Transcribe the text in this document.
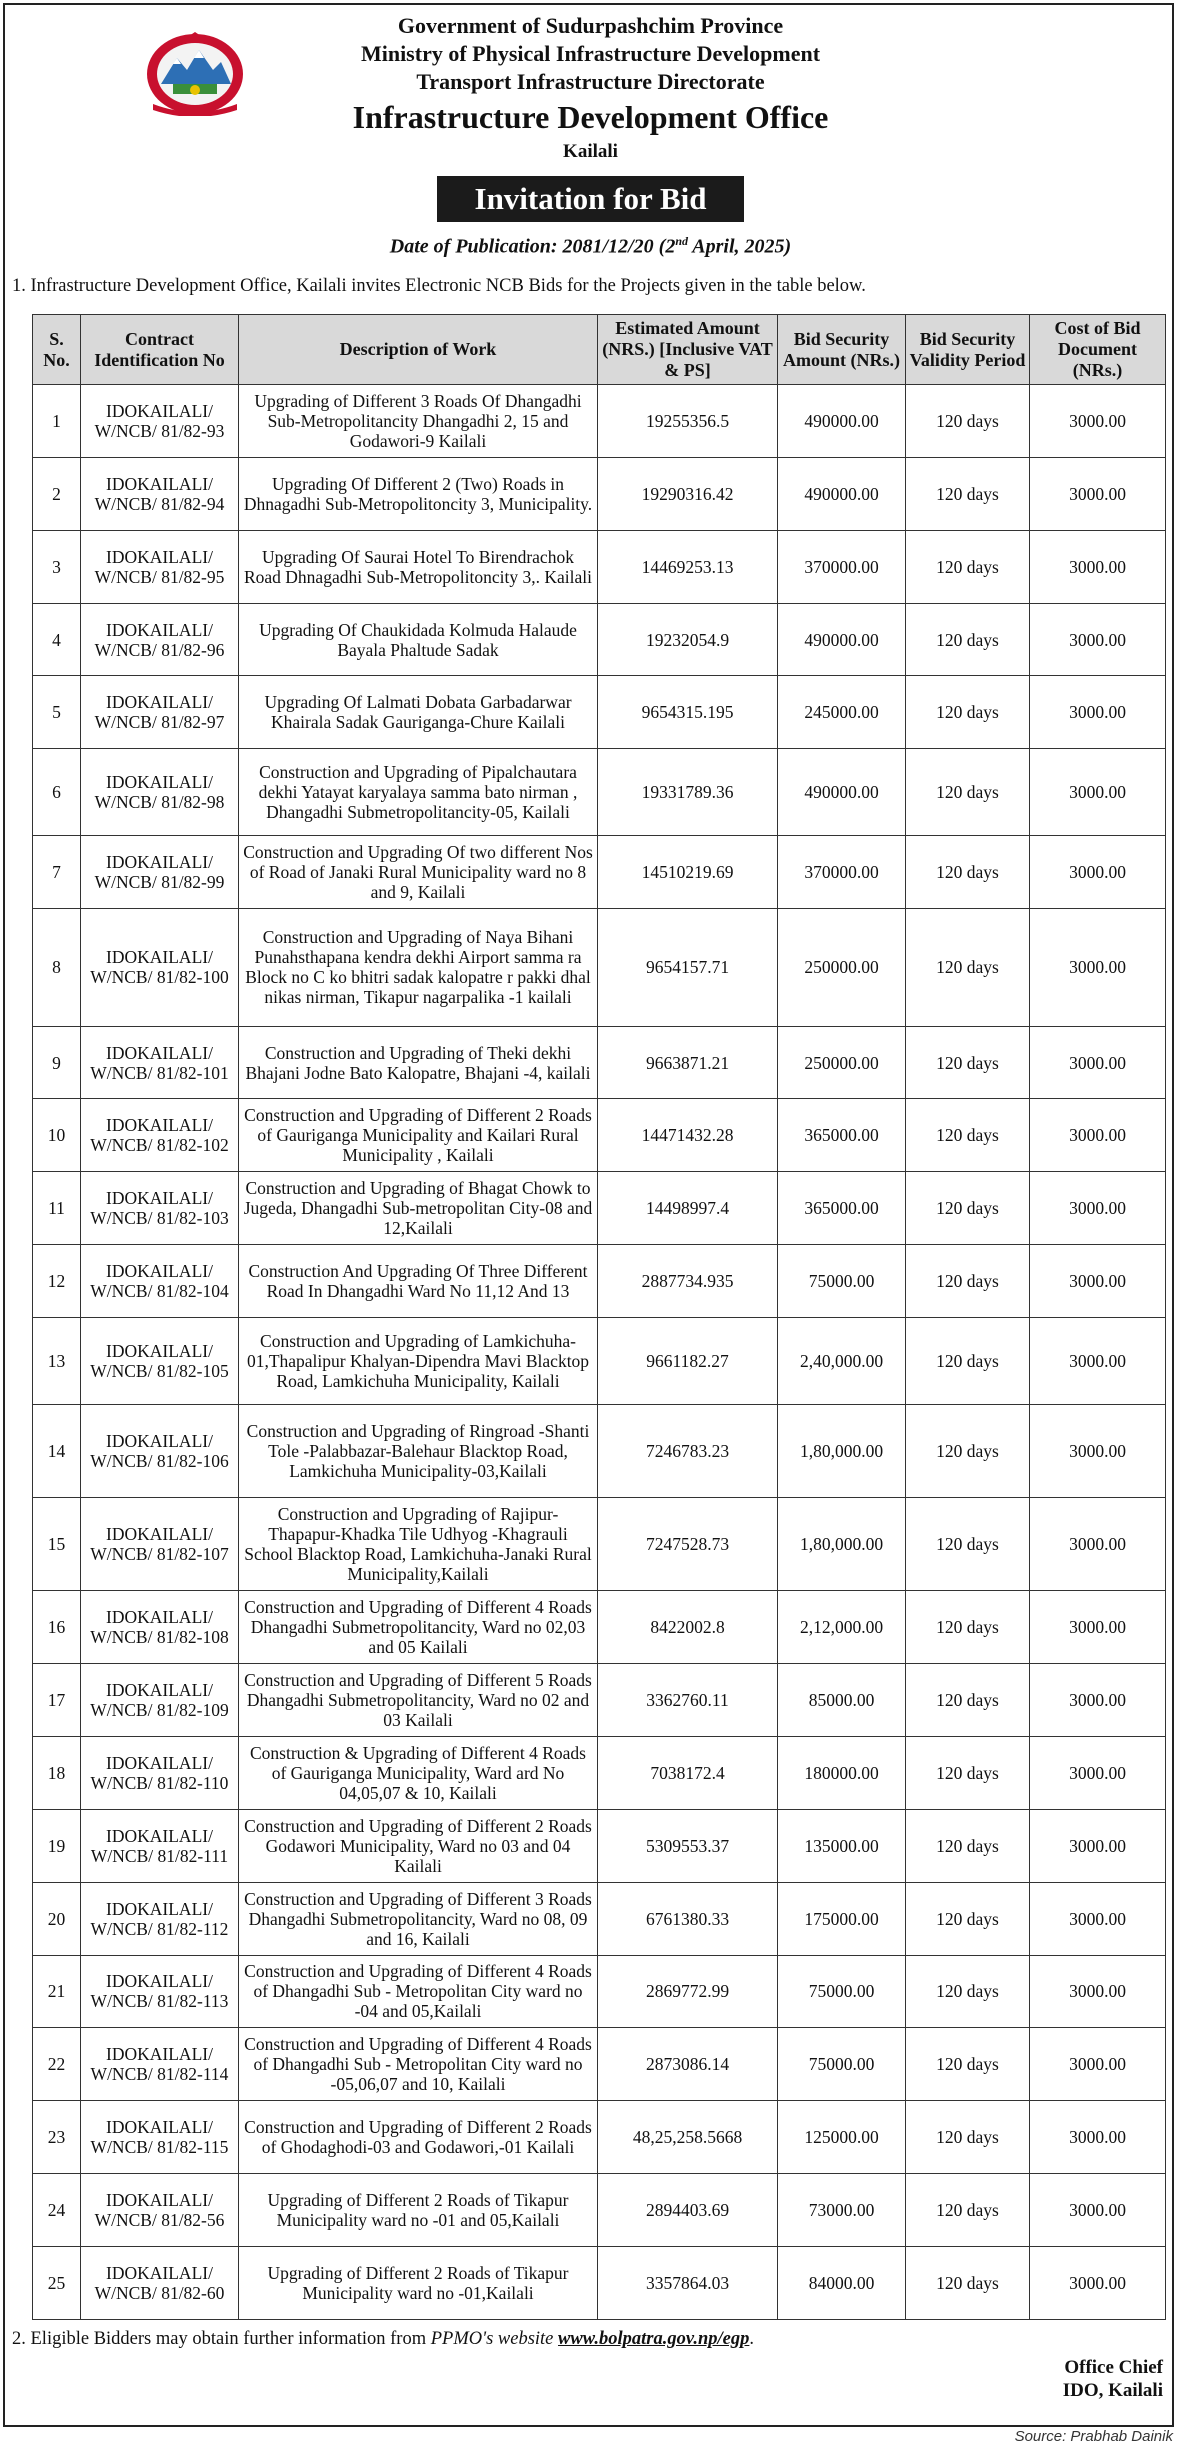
Government of Sudurpashchim Province
Ministry of Physical Infrastructure Development
Transport Infrastructure Directorate
Infrastructure Development Office
Kailali
Invitation for Bid
Date of Publication: 2081/12/20 (2nd April, 2025)
1. Infrastructure Development Office, Kailali invites Electronic NCB Bids for the Projects given in the table below.
S. No.	Contract Identification No	Description of Work	Estimated Amount (NRS.) [Inclusive VAT & PS]	Bid Security Amount (NRs.)	Bid Security Validity Period	Cost of Bid Document (NRs.)
1	IDOKAILALI/ W/NCB/ 81/82-93	Upgrading of Different 3 Roads Of Dhangadhi Sub-Metropolitancity Dhangadhi 2, 15 and Godawori-9 Kailali	19255356.5	490000.00	120 days	3000.00
2	IDOKAILALI/ W/NCB/ 81/82-94	Upgrading Of Different 2 (Two) Roads in Dhnagadhi Sub-Metropolitoncity 3, Municipality.	19290316.42	490000.00	120 days	3000.00
3	IDOKAILALI/ W/NCB/ 81/82-95	Upgrading Of Saurai Hotel To Birendrachok Road Dhnagadhi Sub-Metropolitoncity 3,. Kailali	14469253.13	370000.00	120 days	3000.00
4	IDOKAILALI/ W/NCB/ 81/82-96	Upgrading Of Chaukidada Kolmuda Halaude Bayala Phaltude Sadak	19232054.9	490000.00	120 days	3000.00
5	IDOKAILALI/ W/NCB/ 81/82-97	Upgrading Of Lalmati Dobata Garbadarwar Khairala Sadak Gauriganga-Chure Kailali	9654315.195	245000.00	120 days	3000.00
6	IDOKAILALI/ W/NCB/ 81/82-98	Construction and Upgrading of Pipalchautara dekhi Yatayat karyalaya samma bato nirman , Dhangadhi Submetropolitancity-05, Kailali	19331789.36	490000.00	120 days	3000.00
7	IDOKAILALI/ W/NCB/ 81/82-99	Construction and Upgrading Of two different Nos of Road of Janaki Rural Municipality ward no 8 and 9, Kailali	14510219.69	370000.00	120 days	3000.00
8	IDOKAILALI/ W/NCB/ 81/82-100	Construction and Upgrading of Naya Bihani Punahsthapana kendra dekhi Airport samma ra Block no C ko bhitri sadak kalopatre r pakki dhal nikas nirman, Tikapur nagarpalika -1 kailali	9654157.71	250000.00	120 days	3000.00
9	IDOKAILALI/ W/NCB/ 81/82-101	Construction and Upgrading of Theki dekhi Bhajani Jodne Bato Kalopatre, Bhajani -4, kailali	9663871.21	250000.00	120 days	3000.00
10	IDOKAILALI/ W/NCB/ 81/82-102	Construction and Upgrading of Different 2 Roads of Gauriganga Municipality and Kailari Rural Municipality , Kailali	14471432.28	365000.00	120 days	3000.00
11	IDOKAILALI/ W/NCB/ 81/82-103	Construction and Upgrading of Bhagat Chowk to Jugeda, Dhangadhi Sub-metropolitan City-08 and 12,Kailali	14498997.4	365000.00	120 days	3000.00
12	IDOKAILALI/ W/NCB/ 81/82-104	Construction And Upgrading Of Three Different Road In Dhangadhi Ward No 11,12 And 13	2887734.935	75000.00	120 days	3000.00
13	IDOKAILALI/ W/NCB/ 81/82-105	Construction and Upgrading of Lamkichuha-01,Thapalipur Khalyan-Dipendra Mavi Blacktop Road, Lamkichuha Municipality, Kailali	9661182.27	2,40,000.00	120 days	3000.00
14	IDOKAILALI/ W/NCB/ 81/82-106	Construction and Upgrading of Ringroad -Shanti Tole -Palabbazar-Balehaur Blacktop Road, Lamkichuha Municipality-03,Kailali	7246783.23	1,80,000.00	120 days	3000.00
15	IDOKAILALI/ W/NCB/ 81/82-107	Construction and Upgrading of Rajipur-Thapapur-Khadka Tile Udhyog -Khagrauli School Blacktop Road, Lamkichuha-Janaki Rural Municipality,Kailali	7247528.73	1,80,000.00	120 days	3000.00
16	IDOKAILALI/ W/NCB/ 81/82-108	Construction and Upgrading of Different 4 Roads Dhangadhi Submetropolitancity, Ward no 02,03 and 05 Kailali	8422002.8	2,12,000.00	120 days	3000.00
17	IDOKAILALI/ W/NCB/ 81/82-109	Construction and Upgrading of Different 5 Roads Dhangadhi Submetropolitancity, Ward no 02 and 03 Kailali	3362760.11	85000.00	120 days	3000.00
18	IDOKAILALI/ W/NCB/ 81/82-110	Construction & Upgrading of Different 4 Roads of Gauriganga Municipality, Ward ard No 04,05,07 & 10, Kailali	7038172.4	180000.00	120 days	3000.00
19	IDOKAILALI/ W/NCB/ 81/82-111	Construction and Upgrading of Different 2 Roads Godawori Municipality, Ward no 03 and 04 Kailali	5309553.37	135000.00	120 days	3000.00
20	IDOKAILALI/ W/NCB/ 81/82-112	Construction and Upgrading of Different 3 Roads Dhangadhi Submetropolitancity, Ward no 08, 09 and 16, Kailali	6761380.33	175000.00	120 days	3000.00
21	IDOKAILALI/ W/NCB/ 81/82-113	Construction and Upgrading of Different 4 Roads of Dhangadhi Sub - Metropolitan City ward no -04 and 05,Kailali	2869772.99	75000.00	120 days	3000.00
22	IDOKAILALI/ W/NCB/ 81/82-114	Construction and Upgrading of Different 4 Roads of Dhangadhi Sub - Metropolitan City ward no -05,06,07 and 10, Kailali	2873086.14	75000.00	120 days	3000.00
23	IDOKAILALI/ W/NCB/ 81/82-115	Construction and Upgrading of Different 2 Roads of Ghodaghodi-03 and Godawori,-01 Kailali	48,25,258.5668	125000.00	120 days	3000.00
24	IDOKAILALI/ W/NCB/ 81/82-56	Upgrading of Different 2 Roads of Tikapur Municipality ward no -01 and 05,Kailali	2894403.69	73000.00	120 days	3000.00
25	IDOKAILALI/ W/NCB/ 81/82-60	Upgrading of Different 2 Roads of Tikapur Municipality ward no -01,Kailali	3357864.03	84000.00	120 days	3000.00
2. Eligible Bidders may obtain further information from PPMO's website www.bolpatra.gov.np/egp.
Office Chief
IDO, Kailali
Source: Prabhab Dainik
